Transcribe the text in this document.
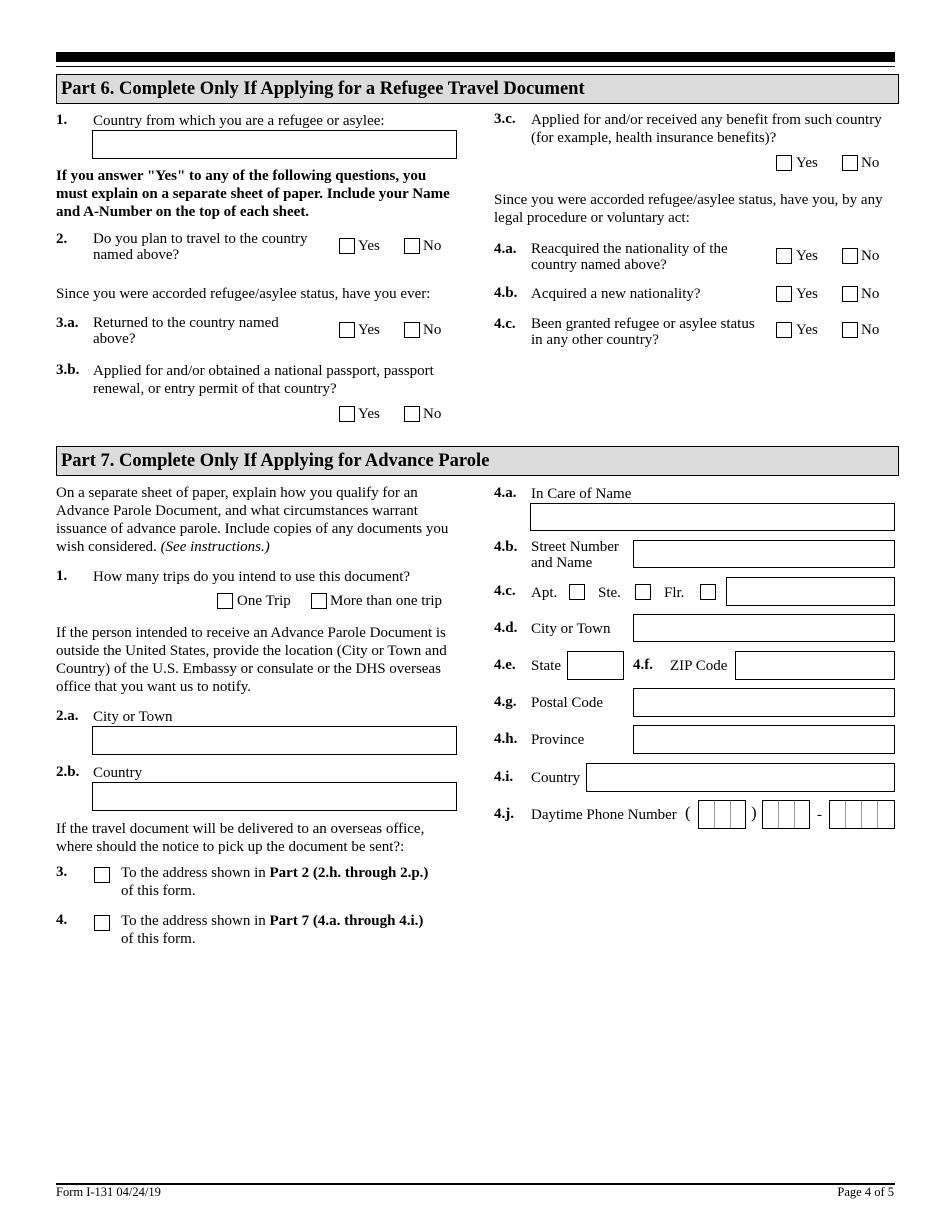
Part 6. Complete Only If Applying for a Refugee Travel Document
1. Country from which you are a refugee or asylee:
If you answer "Yes" to any of the following questions, you must explain on a separate sheet of paper. Include your Name and A-Number on the top of each sheet.
2. Do you plan to travel to the country named above?
Yes	No
Since you were accorded refugee/asylee status, have you ever:
3.a. Returned to the country named above?
Yes	No
3.b. Applied for and/or obtained a national passport, passport renewal, or entry permit of that country?
Yes	No
3.c. Applied for and/or received any benefit from such country (for example, health insurance benefits)?
Yes	No
Since you were accorded refugee/asylee status, have you, by any legal procedure or voluntary act:
4.a. Reacquired the nationality of the country named above?
Yes	No
4.b. Acquired a new nationality?	Yes	No
4.c. Been granted refugee or asylee status in any other country?
Yes	No
Part 7. Complete Only If Applying for Advance Parole
On a separate sheet of paper, explain how you qualify for an Advance Parole Document, and what circumstances warrant issuance of advance parole. Include copies of any documents you wish considered. (See instructions.)
1. How many trips do you intend to use this document?
One Trip	More than one trip
If the person intended to receive an Advance Parole Document is outside the United States, provide the location (City or Town and Country) of the U.S. Embassy or consulate or the DHS overseas office that you want us to notify.
2.a. City or Town
2.b. Country
If the travel document will be delivered to an overseas office, where should the notice to pick up the document be sent?:
3.	To the address shown in Part 2 (2.h. through 2.p.)
of this form.
4.	To the address shown in Part 7 (4.a. through 4.i.)
of this form.
4.a. In Care of Name
4.b. Street Number
and Name
4.c. Apt.	Ste.	Flr.
4.d. City or Town
4.e. State	4.f. ZIP Code
4.g. Postal Code
4.h. Province
4.i. Country
4.j. Daytime Phone Number (	)	-
Form I-131 04/24/19	Page 4 of 5
